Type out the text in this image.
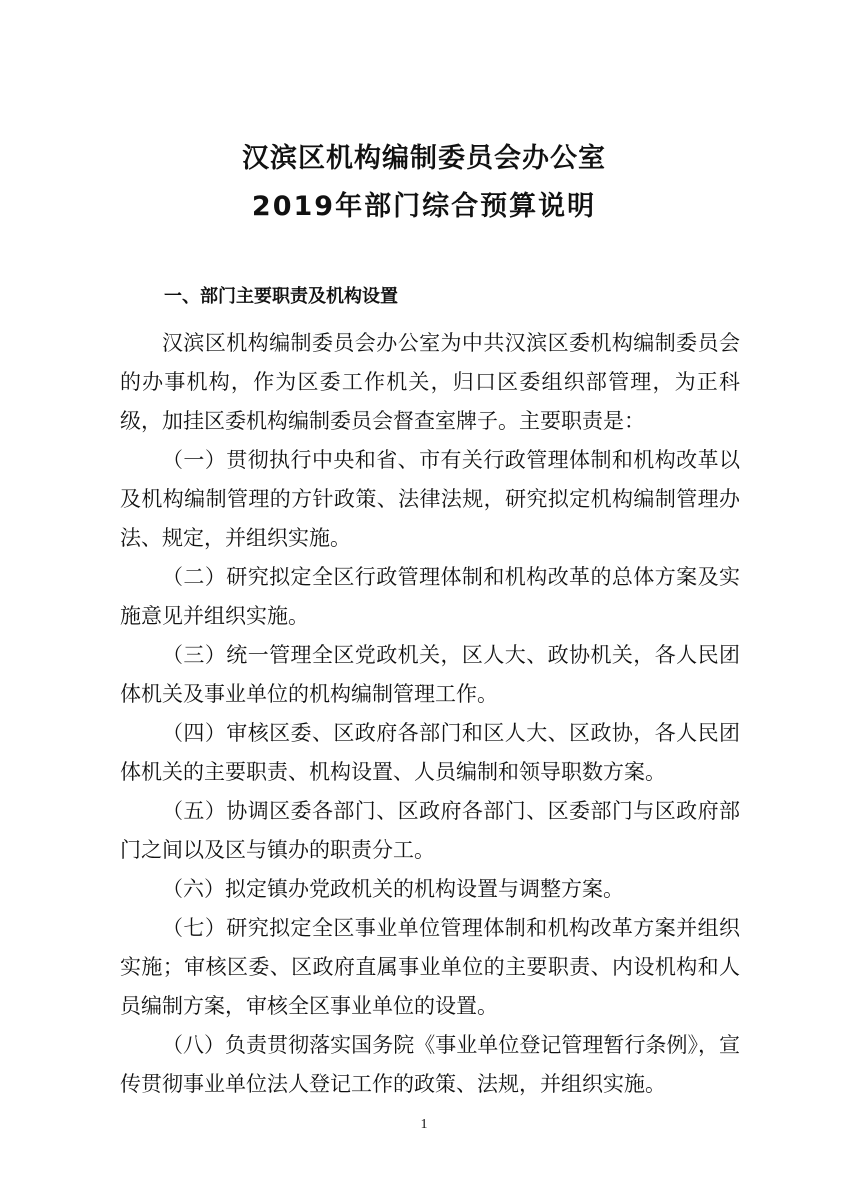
汉滨区机构编制委员会办公室
2019年部门综合预算说明
一、部门主要职责及机构设置

汉滨区机构编制委员会办公室为中共汉滨区委机构编制委员会的办事机构，作为区委工作机关，归口区委组织部管理，为正科级，加挂区委机构编制委员会督查室牌子。主要职责是：

（一）贯彻执行中央和省、市有关行政管理体制和机构改革以及机构编制管理的方针政策、法律法规，研究拟定机构编制管理办法、规定，并组织实施。

（二）研究拟定全区行政管理体制和机构改革的总体方案及实施意见并组织实施。

（三）统一管理全区党政机关，区人大、政协机关，各人民团体机关及事业单位的机构编制管理工作。

（四）审核区委、区政府各部门和区人大、区政协，各人民团体机关的主要职责、机构设置、人员编制和领导职数方案。

（五）协调区委各部门、区政府各部门、区委部门与区政府部门之间以及区与镇办的职责分工。

（六）拟定镇办党政机关的机构设置与调整方案。

（七）研究拟定全区事业单位管理体制和机构改革方案并组织实施；审核区委、区政府直属事业单位的主要职责、内设机构和人员编制方案，审核全区事业单位的设置。

（八）负责贯彻落实国务院《事业单位登记管理暂行条例》，宣传贯彻事业单位法人登记工作的政策、法规，并组织实施。

1
